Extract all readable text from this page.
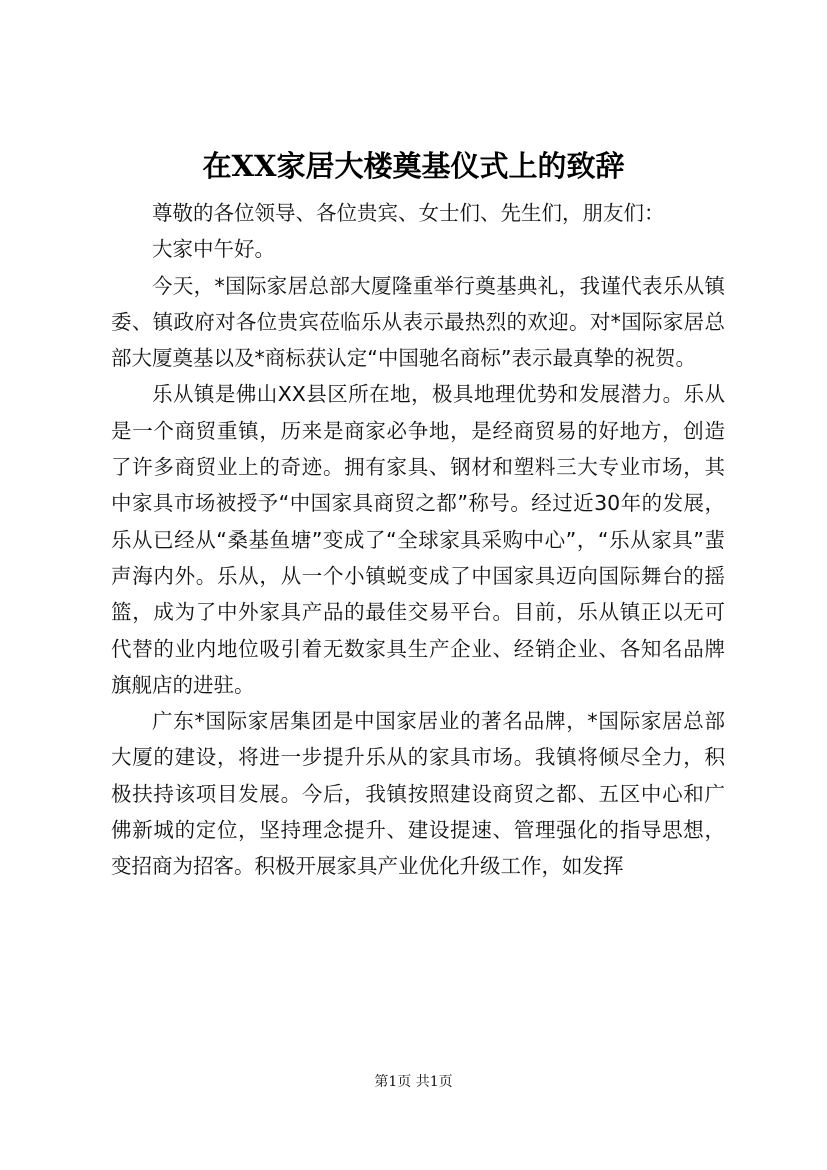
在XX家居大楼奠基仪式上的致辞

尊敬的各位领导、各位贵宾、女士们、先生们，朋友们：

大家中午好。

今天，*国际家居总部大厦隆重举行奠基典礼，我谨代表乐从镇委、镇政府对各位贵宾莅临乐从表示最热烈的欢迎。对*国际家居总部大厦奠基以及*商标获认定“中国驰名商标”表示最真挚的祝贺。

乐从镇是佛山XX县区所在地，极具地理优势和发展潜力。乐从是一个商贸重镇，历来是商家必争地，是经商贸易的好地方，创造了许多商贸业上的奇迹。拥有家具、钢材和塑料三大专业市场，其中家具市场被授予“中国家具商贸之都”称号。经过近30年的发展，乐从已经从“桑基鱼塘”变成了“全球家具采购中心”，“乐从家具”蜚声海内外。乐从，从一个小镇蜕变成了中国家具迈向国际舞台的摇篮，成为了中外家具产品的最佳交易平台。目前，乐从镇正以无可代替的业内地位吸引着无数家具生产企业、经销企业、各知名品牌旗舰店的进驻。

广东*国际家居集团是中国家居业的著名品牌，*国际家居总部大厦的建设，将进一步提升乐从的家具市场。我镇将倾尽全力，积极扶持该项目发展。今后，我镇按照建设商贸之都、五区中心和广佛新城的定位，坚持理念提升、建设提速、管理强化的指导思想，变招商为招客。积极开展家具产业优化升级工作，如发挥

第1页 共1页
